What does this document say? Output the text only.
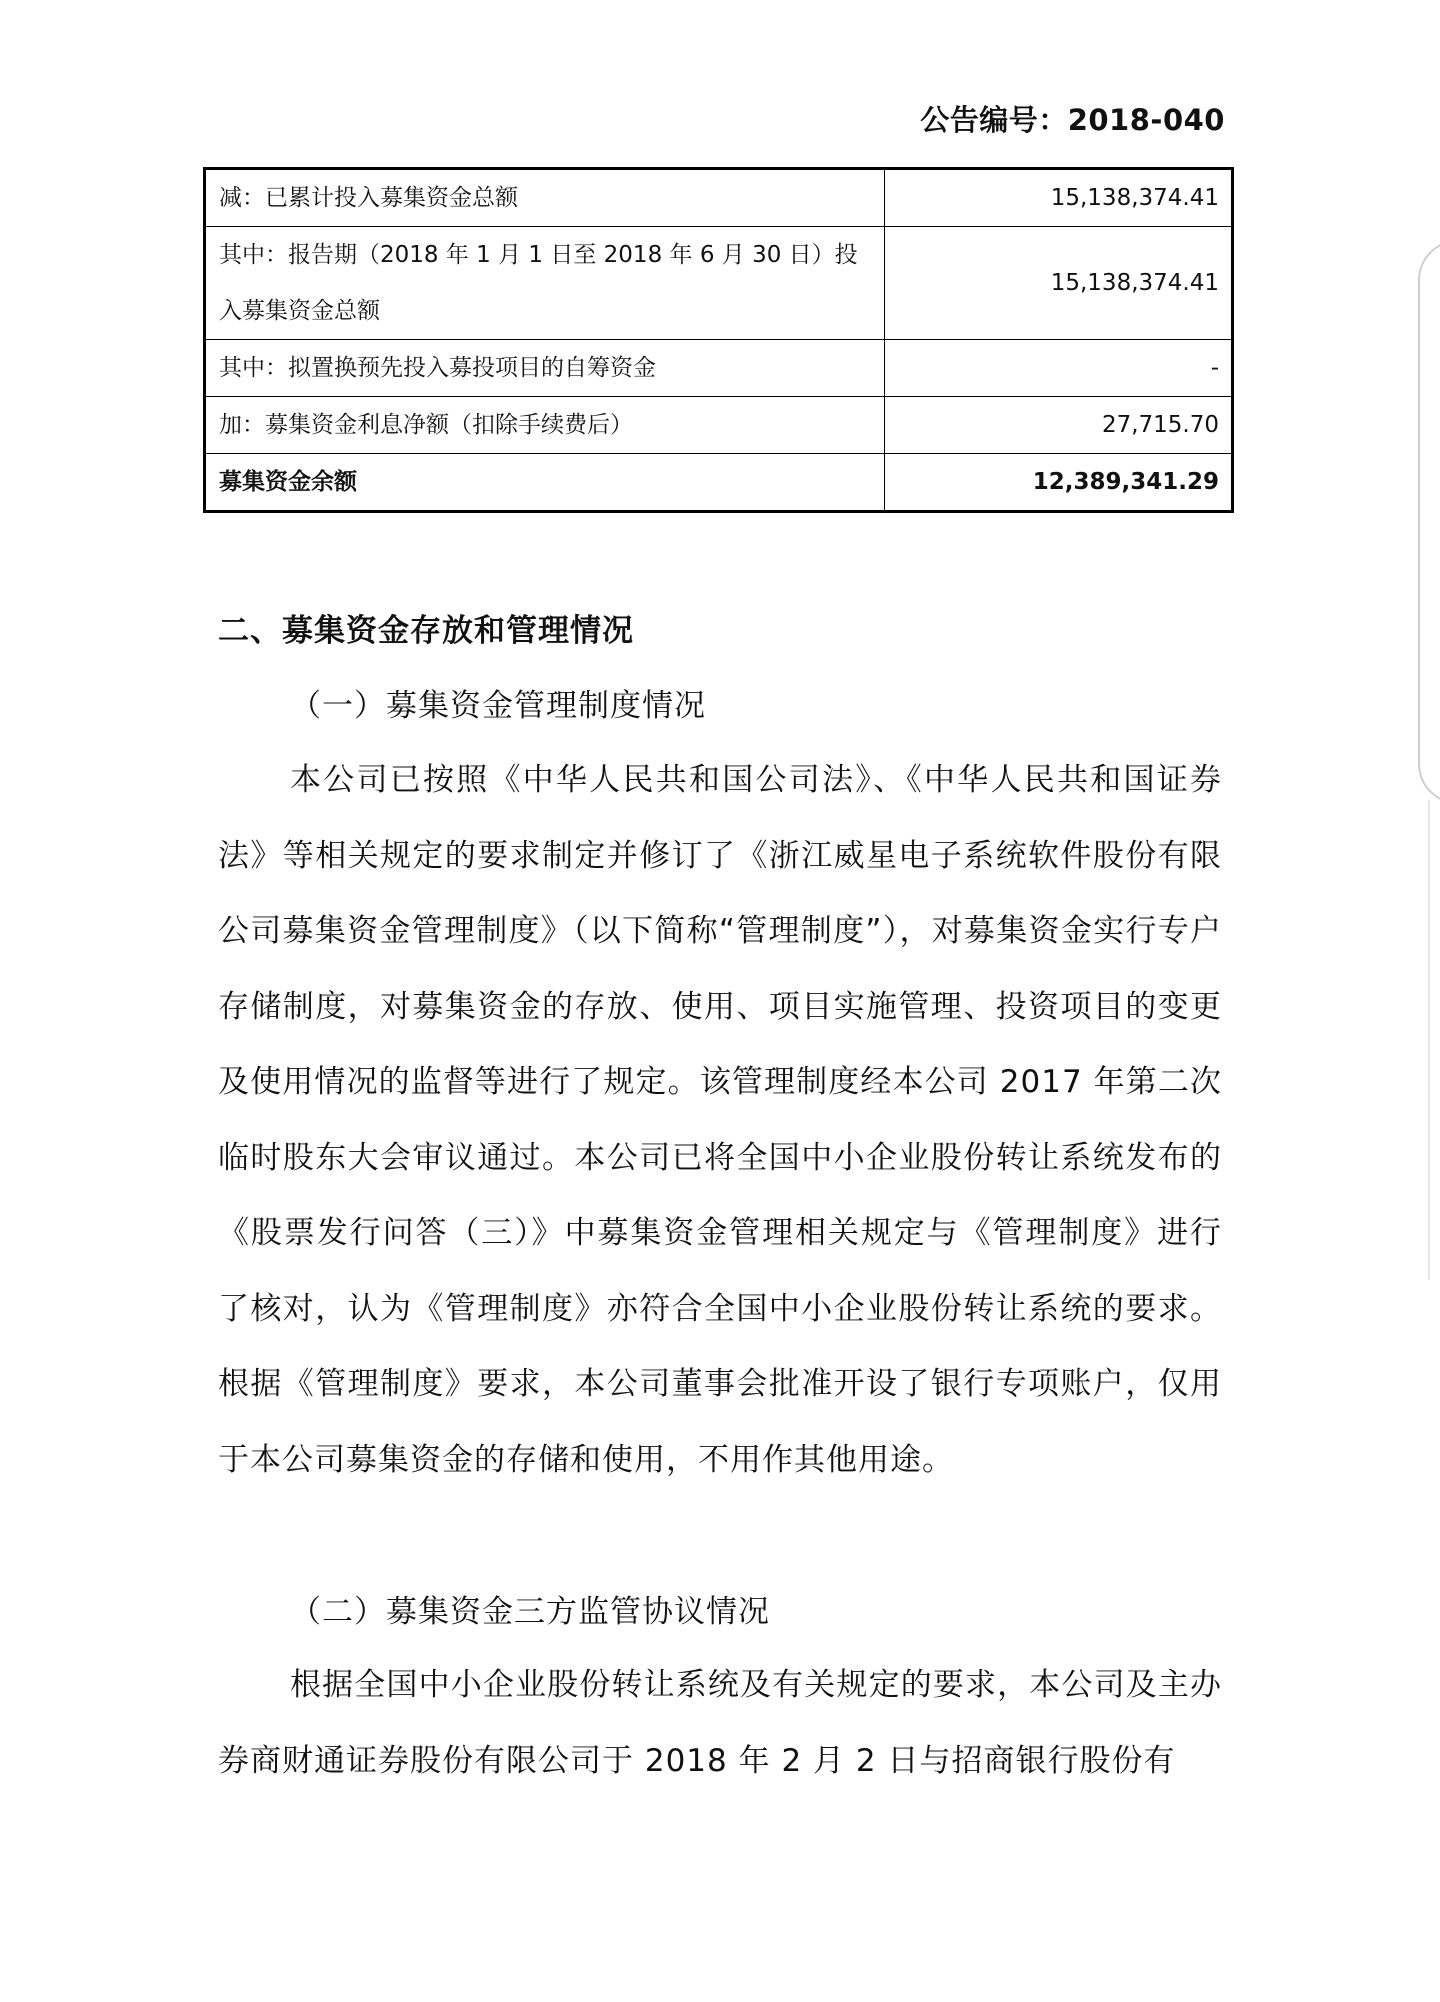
公告编号：2018-040
减：已累计投入募集资金总额	15,138,374.41
其中：报告期（2018 年 1 月 1 日至 2018 年 6 月 30 日）投入募集资金总额	15,138,374.41
其中：拟置换预先投入募投项目的自筹资金	-
加：募集资金利息净额（扣除手续费后）	27,715.70
募集资金余额	12,389,341.29
二、募集资金存放和管理情况
（一）募集资金管理制度情况

本公司已按照《中华人民共和国公司法》、《中华人民共和国证券法》等相关规定的要求制定并修订了《浙江威星电子系统软件股份有限公司募集资金管理制度》（以下简称“管理制度”），对募集资金实行专户存储制度，对募集资金的存放、使用、项目实施管理、投资项目的变更及使用情况的监督等进行了规定。该管理制度经本公司 2017 年第二次临时股东大会审议通过。本公司已将全国中小企业股份转让系统发布的《股票发行问答（三）》中募集资金管理相关规定与《管理制度》进行了核对，认为《管理制度》亦符合全国中小企业股份转让系统的要求。根据《管理制度》要求，本公司董事会批准开设了银行专项账户，仅用于本公司募集资金的存储和使用，不用作其他用途。

（二）募集资金三方监管协议情况

根据全国中小企业股份转让系统及有关规定的要求，本公司及主办券商财通证券股份有限公司于 2018 年 2 月 2 日与招商银行股份有
